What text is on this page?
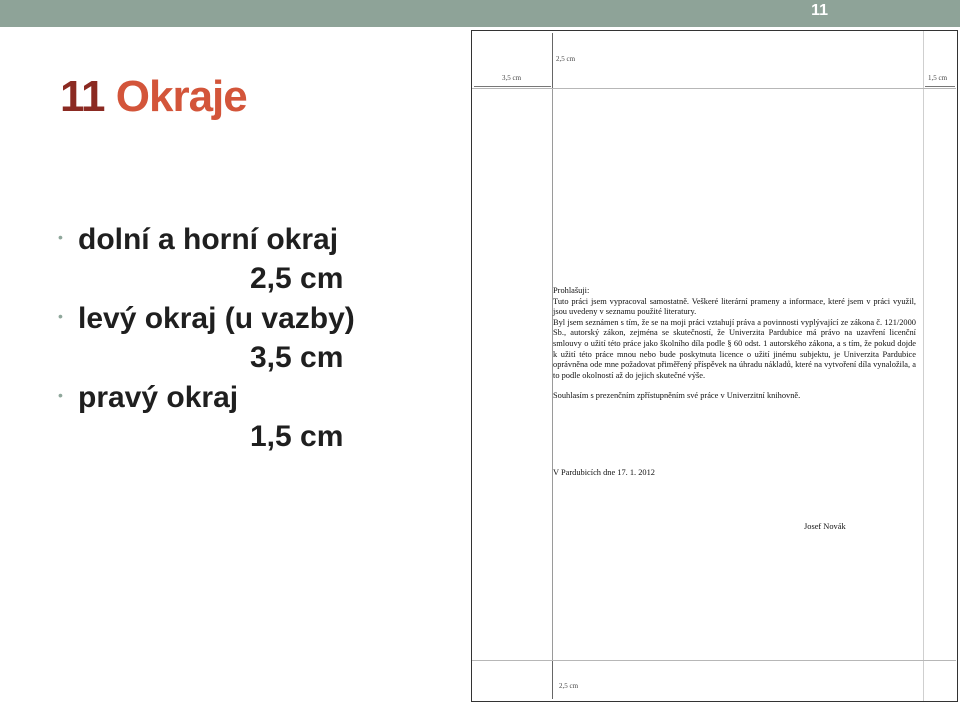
11
11 Okraje
• dolní a horní okraj
2,5 cm
• levý okraj (u vazby)
3,5 cm
• pravý okraj
1,5 cm
2,5 cm
3,5 cm	1,5 cm
2,5 cm

Prohlašuji:

Tuto práci jsem vypracoval samostatně. Veškeré literární prameny a informace, které jsem v práci využil, jsou uvedeny v seznamu použité literatury.

Byl jsem seznámen s tím, že se na moji práci vztahují práva a povinnosti vyplývající ze zákona č. 121/2000 Sb., autorský zákon, zejména se skutečností, že Univerzita Pardubice má právo na uzavření licenční smlouvy o užití této práce jako školního díla podle § 60 odst. 1 autorského zákona, a s tím, že pokud dojde k užití této práce mnou nebo bude poskytnuta licence o užití jinému subjektu, je Univerzita Pardubice oprávněna ode mne požadovat přiměřený příspěvek na úhradu nákladů, které na vytvoření díla vynaložila, a to podle okolností až do jejich skutečné výše.

Souhlasím s prezenčním zpřístupněním své práce v Univerzitní knihovně.

V Pardubicích dne 17. 1. 2012

Josef Novák
